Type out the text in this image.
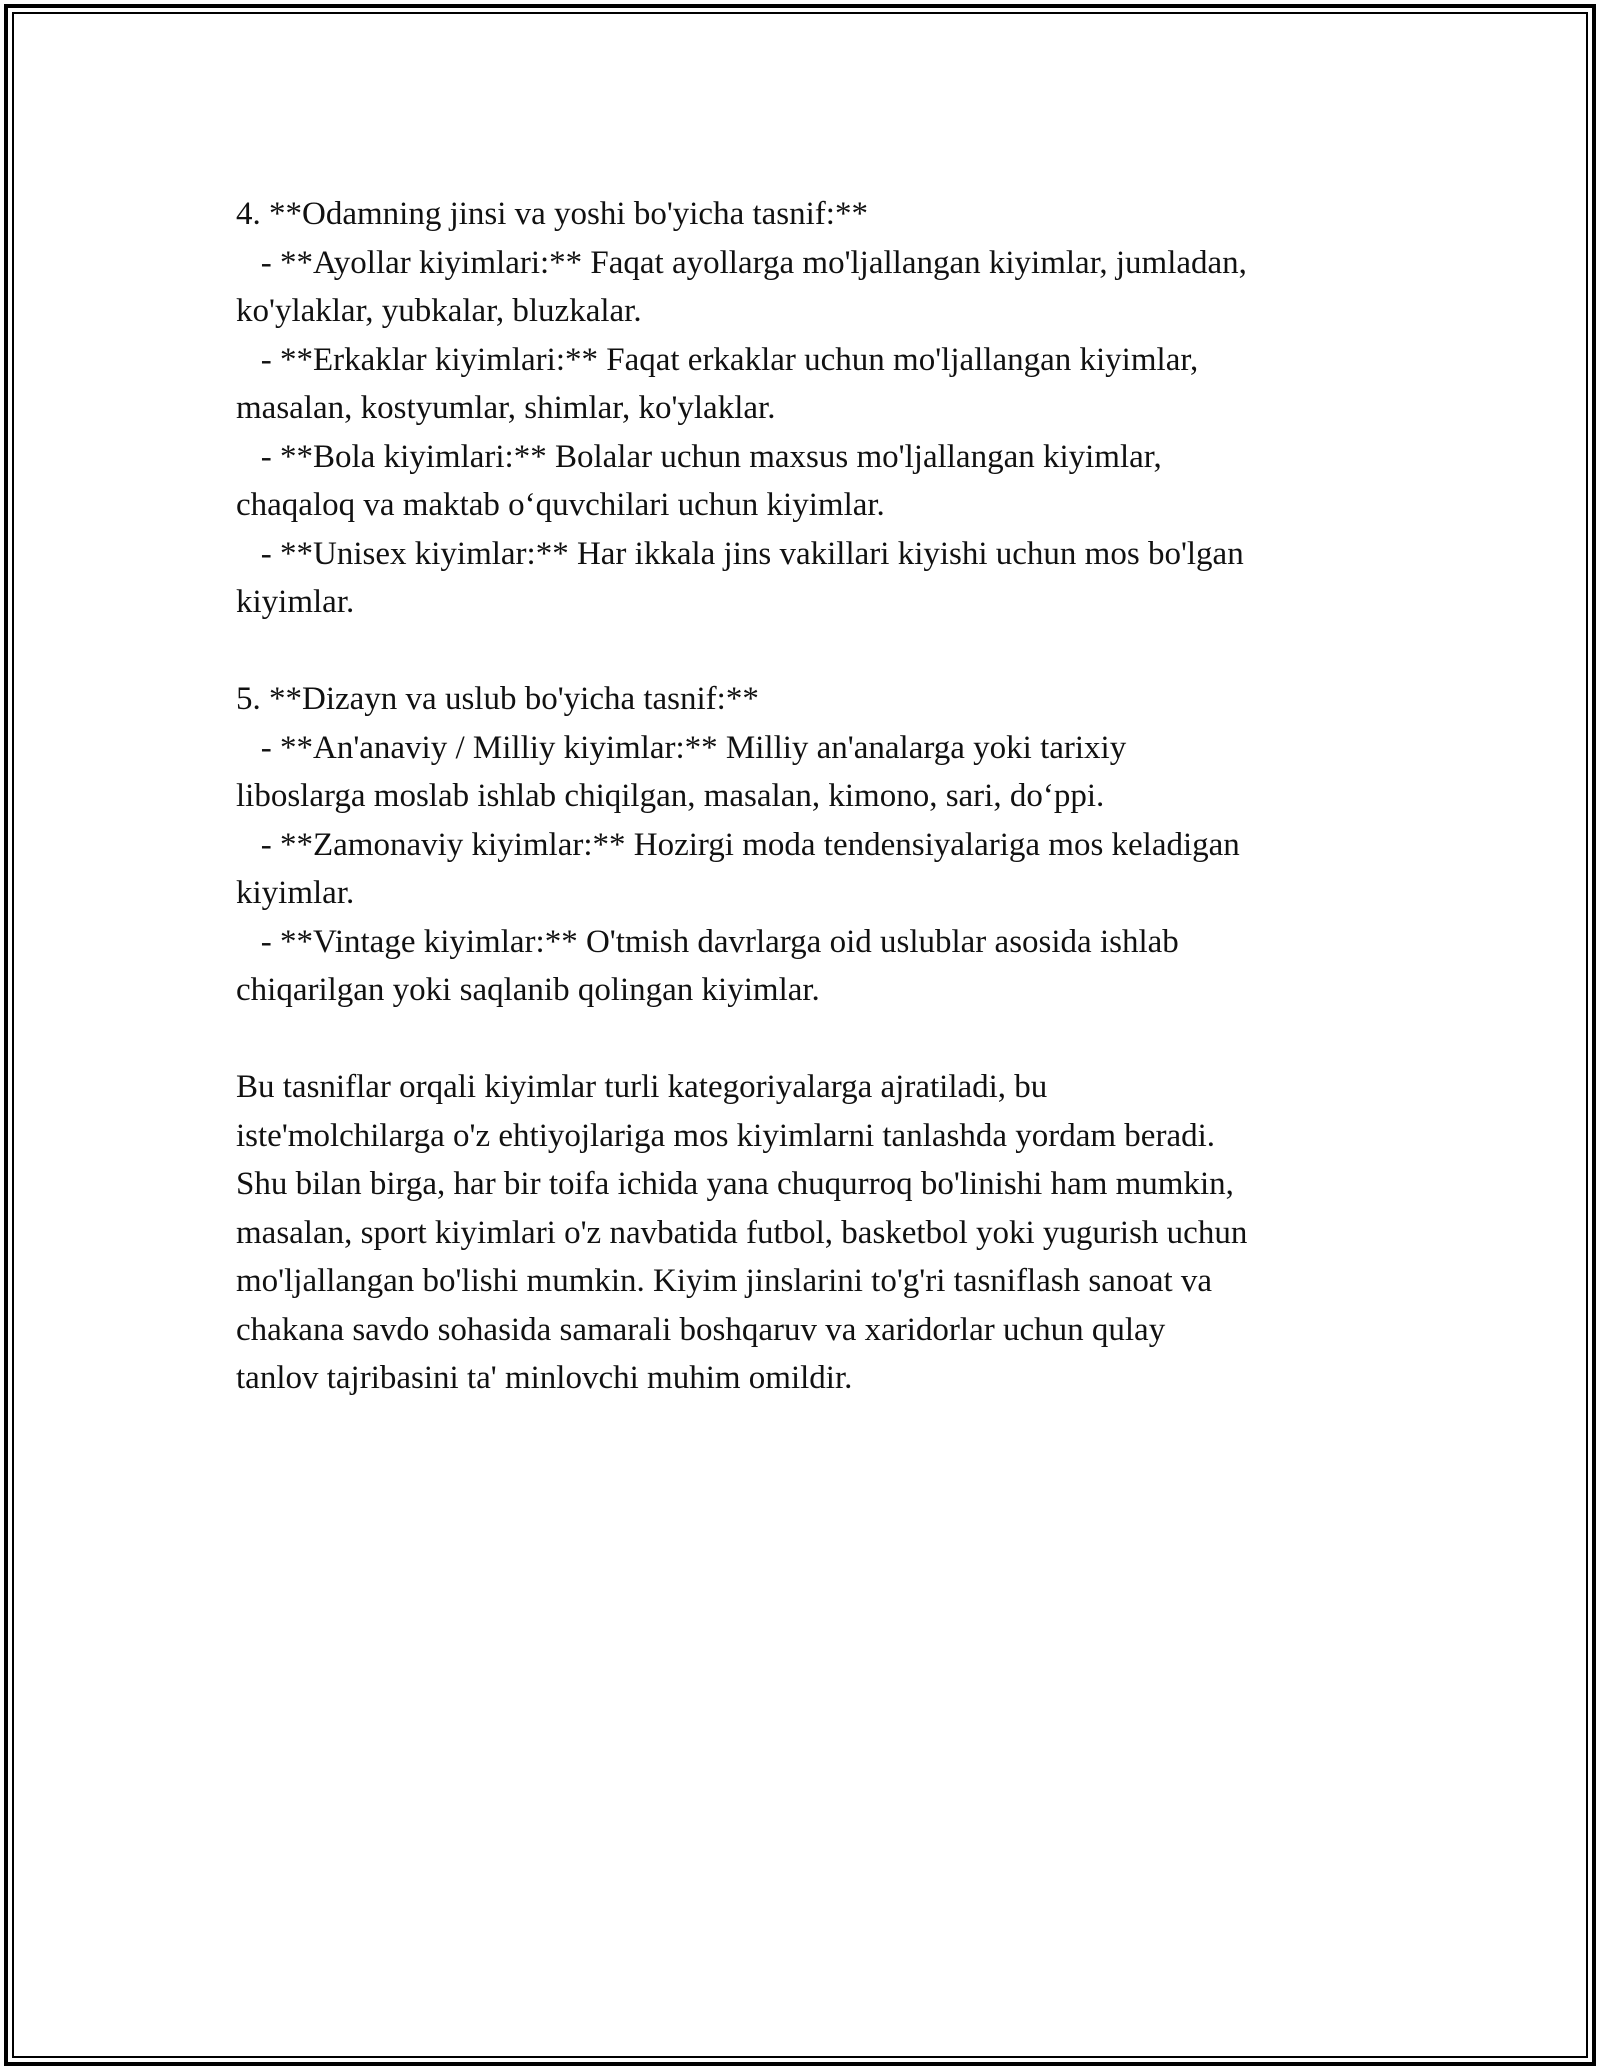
4. **Odamning jinsi va yoshi bo'yicha tasnif:**

- **Ayollar kiyimlari:** Faqat ayollarga mo'ljallangan kiyimlar, jumladan,

ko'ylaklar, yubkalar, bluzkalar.

- **Erkaklar kiyimlari:** Faqat erkaklar uchun mo'ljallangan kiyimlar,

masalan, kostyumlar, shimlar, ko'ylaklar.

- **Bola kiyimlari:** Bolalar uchun maxsus mo'ljallangan kiyimlar,

chaqaloq va maktab o‘quvchilari uchun kiyimlar.

- **Unisex kiyimlar:** Har ikkala jins vakillari kiyishi uchun mos bo'lgan

kiyimlar.

5. **Dizayn va uslub bo'yicha tasnif:**

- **An'anaviy / Milliy kiyimlar:** Milliy an'analarga yoki tarixiy

liboslarga moslab ishlab chiqilgan, masalan, kimono, sari, do‘ppi.

- **Zamonaviy kiyimlar:** Hozirgi moda tendensiyalariga mos keladigan

kiyimlar.

- **Vintage kiyimlar:** O'tmish davrlarga oid uslublar asosida ishlab

chiqarilgan yoki saqlanib qolingan kiyimlar.

Bu tasniflar orqali kiyimlar turli kategoriyalarga ajratiladi, bu

iste'molchilarga o'z ehtiyojlariga mos kiyimlarni tanlashda yordam beradi.

Shu bilan birga, har bir toifa ichida yana chuqurroq bo'linishi ham mumkin,

masalan, sport kiyimlari o'z navbatida futbol, basketbol yoki yugurish uchun

mo'ljallangan bo'lishi mumkin. Kiyim jinslarini to'g'ri tasniflash sanoat va

chakana savdo sohasida samarali boshqaruv va xaridorlar uchun qulay

tanlov tajribasini ta' minlovchi muhim omildir.
